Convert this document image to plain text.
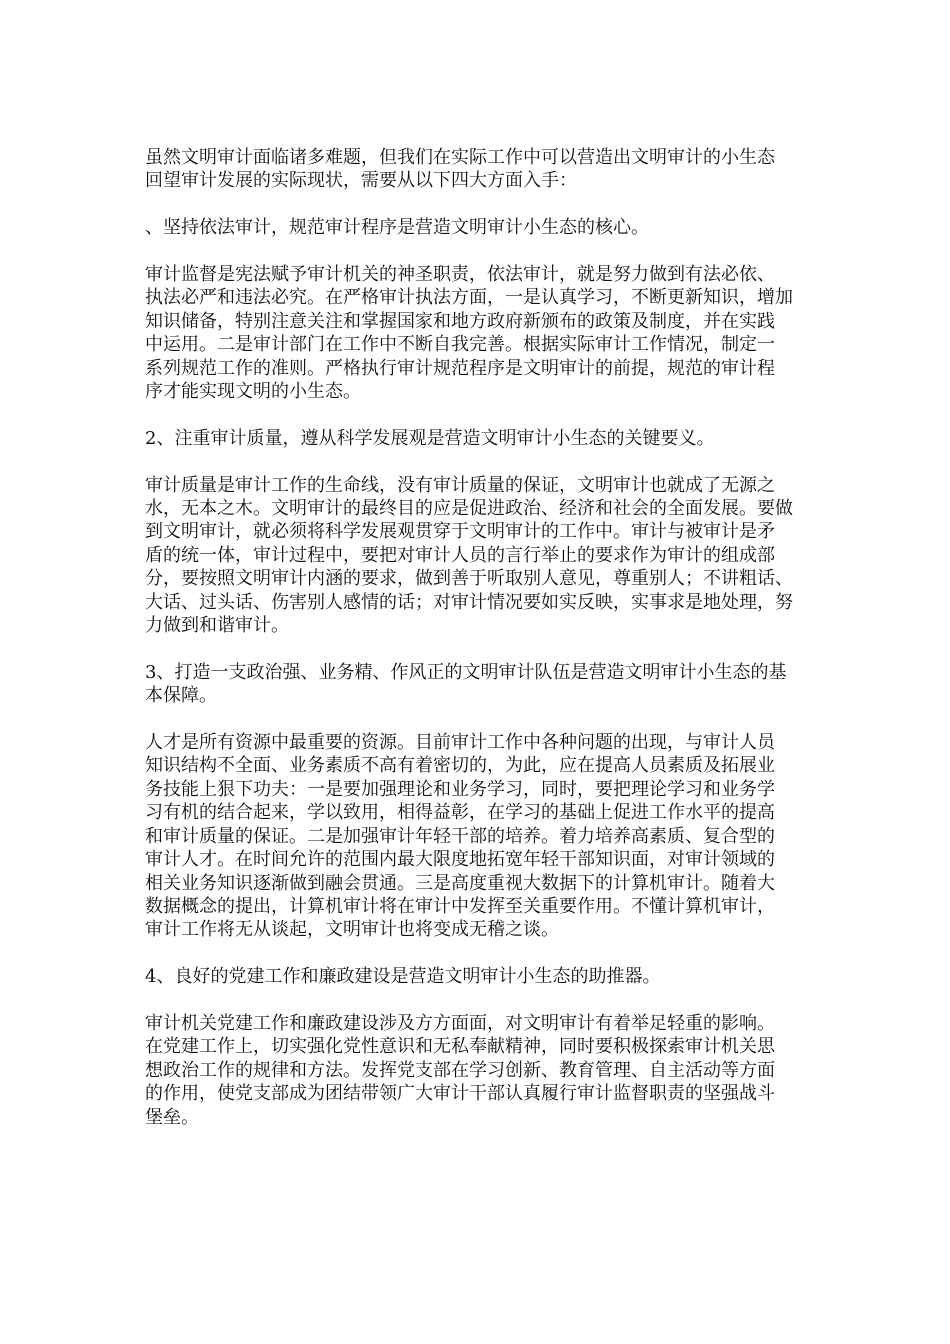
虽然文明审计面临诸多难题，但我们在实际工作中可以营造出文明审计的小生态
回望审计发展的实际现状，需要从以下四大方面入手：

、坚持依法审计，规范审计程序是营造文明审计小生态的核心。

审计监督是宪法赋予审计机关的神圣职责，依法审计，就是努力做到有法必依、
执法必严和违法必究。在严格审计执法方面，一是认真学习，不断更新知识，增加
知识储备，特别注意关注和掌握国家和地方政府新颁布的政策及制度，并在实践
中运用。二是审计部门在工作中不断自我完善。根据实际审计工作情况，制定一
系列规范工作的准则。严格执行审计规范程序是文明审计的前提，规范的审计程
序才能实现文明的小生态。

2、注重审计质量，遵从科学发展观是营造文明审计小生态的关键要义。

审计质量是审计工作的生命线，没有审计质量的保证，文明审计也就成了无源之
水，无本之木。文明审计的最终目的应是促进政治、经济和社会的全面发展。要做
到文明审计，就必须将科学发展观贯穿于文明审计的工作中。审计与被审计是矛
盾的统一体，审计过程中，要把对审计人员的言行举止的要求作为审计的组成部
分，要按照文明审计内涵的要求，做到善于听取别人意见，尊重别人；不讲粗话、
大话、过头话、伤害别人感情的话；对审计情况要如实反映，实事求是地处理，努
力做到和谐审计。

3、打造一支政治强、业务精、作风正的文明审计队伍是营造文明审计小生态的基
本保障。

人才是所有资源中最重要的资源。目前审计工作中各种问题的出现，与审计人员
知识结构不全面、业务素质不高有着密切的，为此，应在提高人员素质及拓展业
务技能上狠下功夫：一是要加强理论和业务学习，同时，要把理论学习和业务学
习有机的结合起来，学以致用，相得益彰，在学习的基础上促进工作水平的提高
和审计质量的保证。二是加强审计年轻干部的培养。着力培养高素质、复合型的
审计人才。在时间允许的范围内最大限度地拓宽年轻干部知识面，对审计领域的
相关业务知识逐渐做到融会贯通。三是高度重视大数据下的计算机审计。随着大
数据概念的提出，计算机审计将在审计中发挥至关重要作用。不懂计算机审计，
审计工作将无从谈起，文明审计也将变成无稽之谈。

4、良好的党建工作和廉政建设是营造文明审计小生态的助推器。

审计机关党建工作和廉政建设涉及方方面面，对文明审计有着举足轻重的影响。
在党建工作上，切实强化党性意识和无私奉献精神，同时要积极探索审计机关思
想政治工作的规律和方法。发挥党支部在学习创新、教育管理、自主活动等方面
的作用，使党支部成为团结带领广大审计干部认真履行审计监督职责的坚强战斗
堡垒。
